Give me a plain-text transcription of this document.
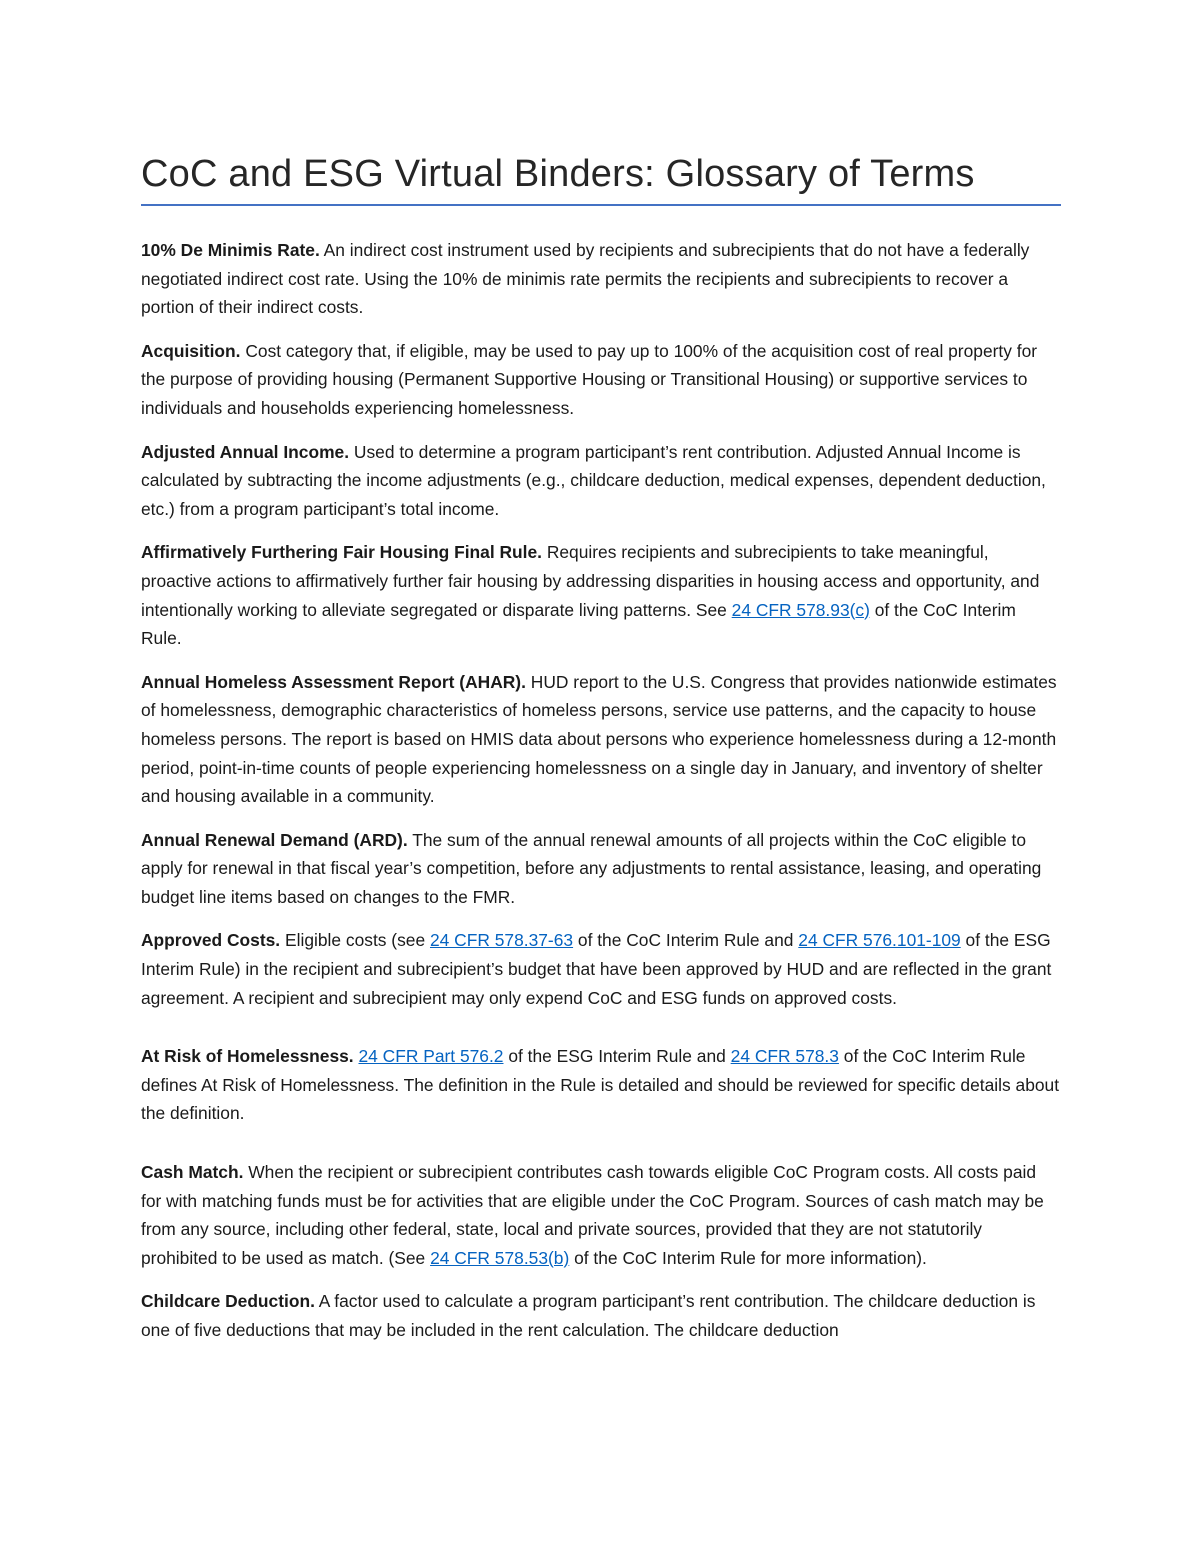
CoC and ESG Virtual Binders: Glossary of Terms

10% De Minimis Rate. An indirect cost instrument used by recipients and subrecipients that do not have a federally negotiated indirect cost rate. Using the 10% de minimis rate permits the recipients and subrecipients to recover a portion of their indirect costs.

Acquisition. Cost category that, if eligible, may be used to pay up to 100% of the acquisition cost of real property for the purpose of providing housing (Permanent Supportive Housing or Transitional Housing) or supportive services to individuals and households experiencing homelessness.

Adjusted Annual Income. Used to determine a program participant’s rent contribution. Adjusted Annual Income is calculated by subtracting the income adjustments (e.g., childcare deduction, medical expenses, dependent deduction, etc.) from a program participant’s total income.

Affirmatively Furthering Fair Housing Final Rule. Requires recipients and subrecipients to take meaningful, proactive actions to affirmatively further fair housing by addressing disparities in housing access and opportunity, and intentionally working to alleviate segregated or disparate living patterns. See 24 CFR 578.93(c) of the CoC Interim Rule.

Annual Homeless Assessment Report (AHAR). HUD report to the U.S. Congress that provides nationwide estimates of homelessness, demographic characteristics of homeless persons, service use patterns, and the capacity to house homeless persons. The report is based on HMIS data about persons who experience homelessness during a 12-month period, point-in-time counts of people experiencing homelessness on a single day in January, and inventory of shelter and housing available in a community.

Annual Renewal Demand (ARD). The sum of the annual renewal amounts of all projects within the CoC eligible to apply for renewal in that fiscal year’s competition, before any adjustments to rental assistance, leasing, and operating budget line items based on changes to the FMR.

Approved Costs. Eligible costs (see 24 CFR 578.37-63 of the CoC Interim Rule and 24 CFR 576.101-109 of the ESG Interim Rule) in the recipient and subrecipient’s budget that have been approved by HUD and are reflected in the grant agreement. A recipient and subrecipient may only expend CoC and ESG funds on approved costs.

At Risk of Homelessness. 24 CFR Part 576.2 of the ESG Interim Rule and 24 CFR 578.3 of the CoC Interim Rule defines At Risk of Homelessness. The definition in the Rule is detailed and should be reviewed for specific details about the definition.

Cash Match. When the recipient or subrecipient contributes cash towards eligible CoC Program costs. All costs paid for with matching funds must be for activities that are eligible under the CoC Program. Sources of cash match may be from any source, including other federal, state, local and private sources, provided that they are not statutorily prohibited to be used as match. (See 24 CFR 578.53(b) of the CoC Interim Rule for more information).

Childcare Deduction. A factor used to calculate a program participant’s rent contribution. The childcare deduction is one of five deductions that may be included in the rent calculation. The childcare deduction
